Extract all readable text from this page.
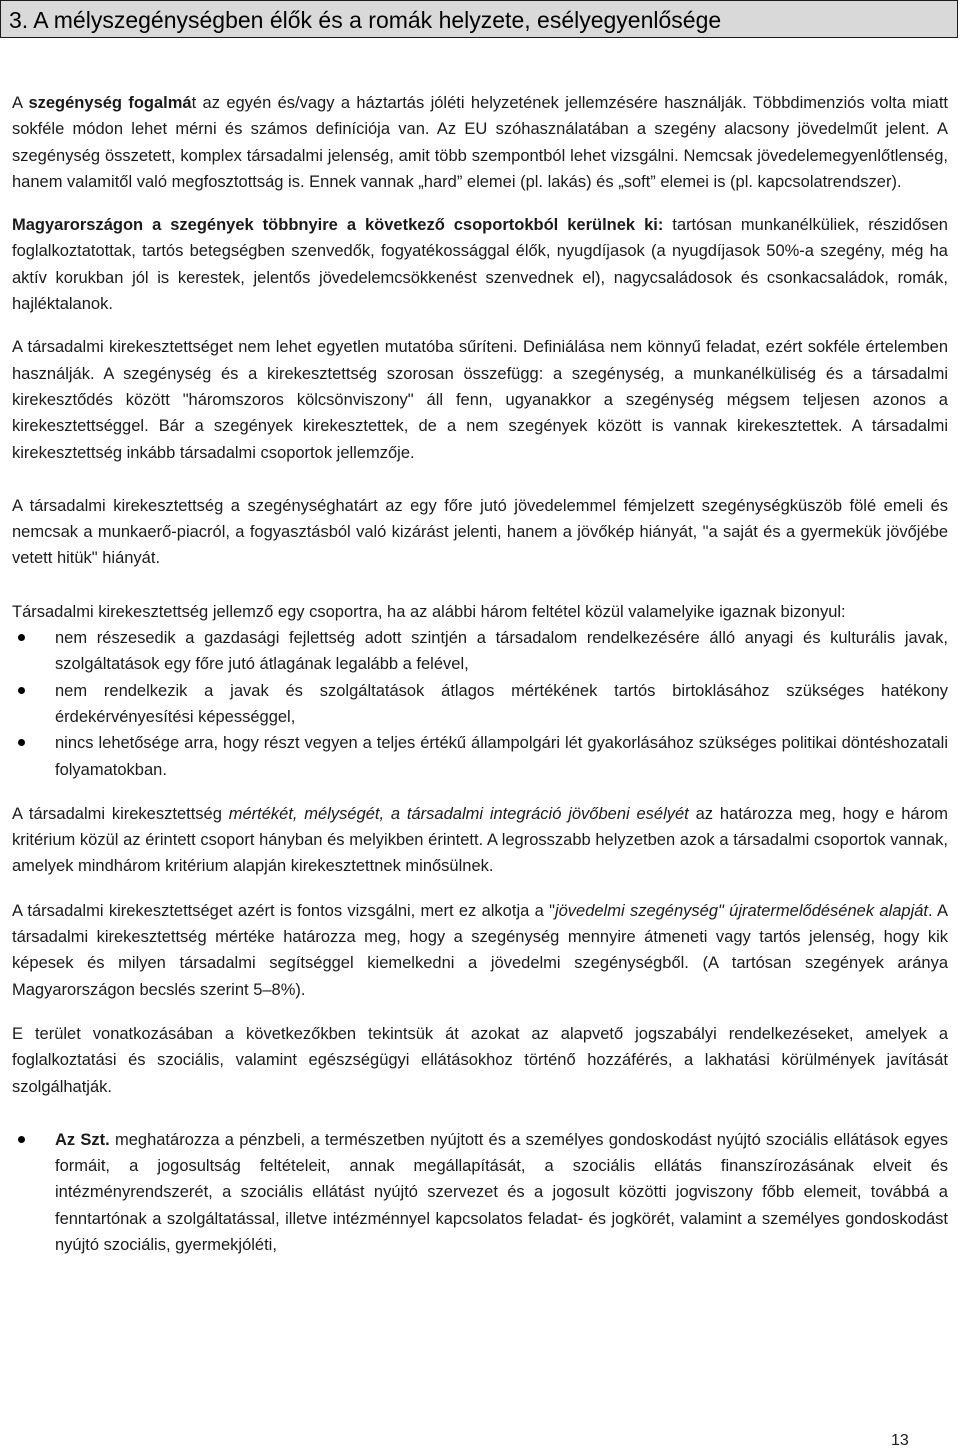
3. A mélyszegénységben élők és a romák helyzete, esélyegyenlősége

A szegénység fogalmát az egyén és/vagy a háztartás jóléti helyzetének jellemzésére használják. Többdimenziós volta miatt sokféle módon lehet mérni és számos definíciója van. Az EU szóhasználatában a szegény alacsony jövedelműt jelent. A szegénység összetett, komplex társadalmi jelenség, amit több szempontból lehet vizsgálni. Nemcsak jövedelemegyenlőtlenség, hanem valamitől való megfosztottság is. Ennek vannak „hard” elemei (pl. lakás) és „soft” elemei is (pl. kapcsolatrendszer).

Magyarországon a szegények többnyire a következő csoportokból kerülnek ki: tartósan munkanélküliek, részidősen foglalkoztatottak, tartós betegségben szenvedők, fogyatékossággal élők, nyugdíjasok (a nyugdíjasok 50%-a szegény, még ha aktív korukban jól is kerestek, jelentős jövedelemcsökkenést szenvednek el), nagycsaládosok és csonkacsaládok, romák, hajléktalanok.

A társadalmi kirekesztettséget nem lehet egyetlen mutatóba sűríteni. Definiálása nem könnyű feladat, ezért sokféle értelemben használják. A szegénység és a kirekesztettség szorosan összefügg: a szegénység, a munkanélküliség és a társadalmi kirekesztődés között "háromszoros kölcsönviszony" áll fenn, ugyanakkor a szegénység mégsem teljesen azonos a kirekesztettséggel. Bár a szegények kirekesztettek, de a nem szegények között is vannak kirekesztettek. A társadalmi kirekesztettség inkább társadalmi csoportok jellemzője.

A társadalmi kirekesztettség a szegénységhatárt az egy főre jutó jövedelemmel fémjelzett szegénységküszöb fölé emeli és nemcsak a munkaerő-piacról, a fogyasztásból való kizárást jelenti, hanem a jövőkép hiányát, "a saját és a gyermekük jövőjébe vetett hitük" hiányát.

Társadalmi kirekesztettség jellemző egy csoportra, ha az alábbi három feltétel közül valamelyike igaznak bizonyul:

nem részesedik a gazdasági fejlettség adott szintjén a társadalom rendelkezésére álló anyagi és kulturális javak, szolgáltatások egy főre jutó átlagának legalább a felével,
nem rendelkezik a javak és szolgáltatások átlagos mértékének tartós birtoklásához szükséges hatékony érdekérvényesítési képességgel,
nincs lehetősége arra, hogy részt vegyen a teljes értékű állampolgári lét gyakorlásához szükséges politikai döntéshozatali folyamatokban.

A társadalmi kirekesztettség mértékét, mélységét, a társadalmi integráció jövőbeni esélyét az határozza meg, hogy e három kritérium közül az érintett csoport hányban és melyikben érintett. A legrosszabb helyzetben azok a társadalmi csoportok vannak, amelyek mindhárom kritérium alapján kirekesztettnek minősülnek.

A társadalmi kirekesztettséget azért is fontos vizsgálni, mert ez alkotja a "jövedelmi szegénység" újratermelődésének alapját. A társadalmi kirekesztettség mértéke határozza meg, hogy a szegénység mennyire átmeneti vagy tartós jelenség, hogy kik képesek és milyen társadalmi segítséggel kiemelkedni a jövedelmi szegénységből. (A tartósan szegények aránya Magyarországon becslés szerint 5–8%).

E terület vonatkozásában a következőkben tekintsük át azokat az alapvető jogszabályi rendelkezéseket, amelyek a foglalkoztatási és szociális, valamint egészségügyi ellátásokhoz történő hozzáférés, a lakhatási körülmények javítását szolgálhatják.

Az Szt. meghatározza a pénzbeli, a természetben nyújtott és a személyes gondoskodást nyújtó szociális ellátások egyes formáit, a jogosultság feltételeit, annak megállapítását, a szociális ellátás finanszírozásának elveit és intézményrendszerét, a szociális ellátást nyújtó szervezet és a jogosult közötti jogviszony főbb elemeit, továbbá a fenntartónak a szolgáltatással, illetve intézménnyel kapcsolatos feladat- és jogkörét, valamint a személyes gondoskodást nyújtó szociális, gyermekjóléti,
13
